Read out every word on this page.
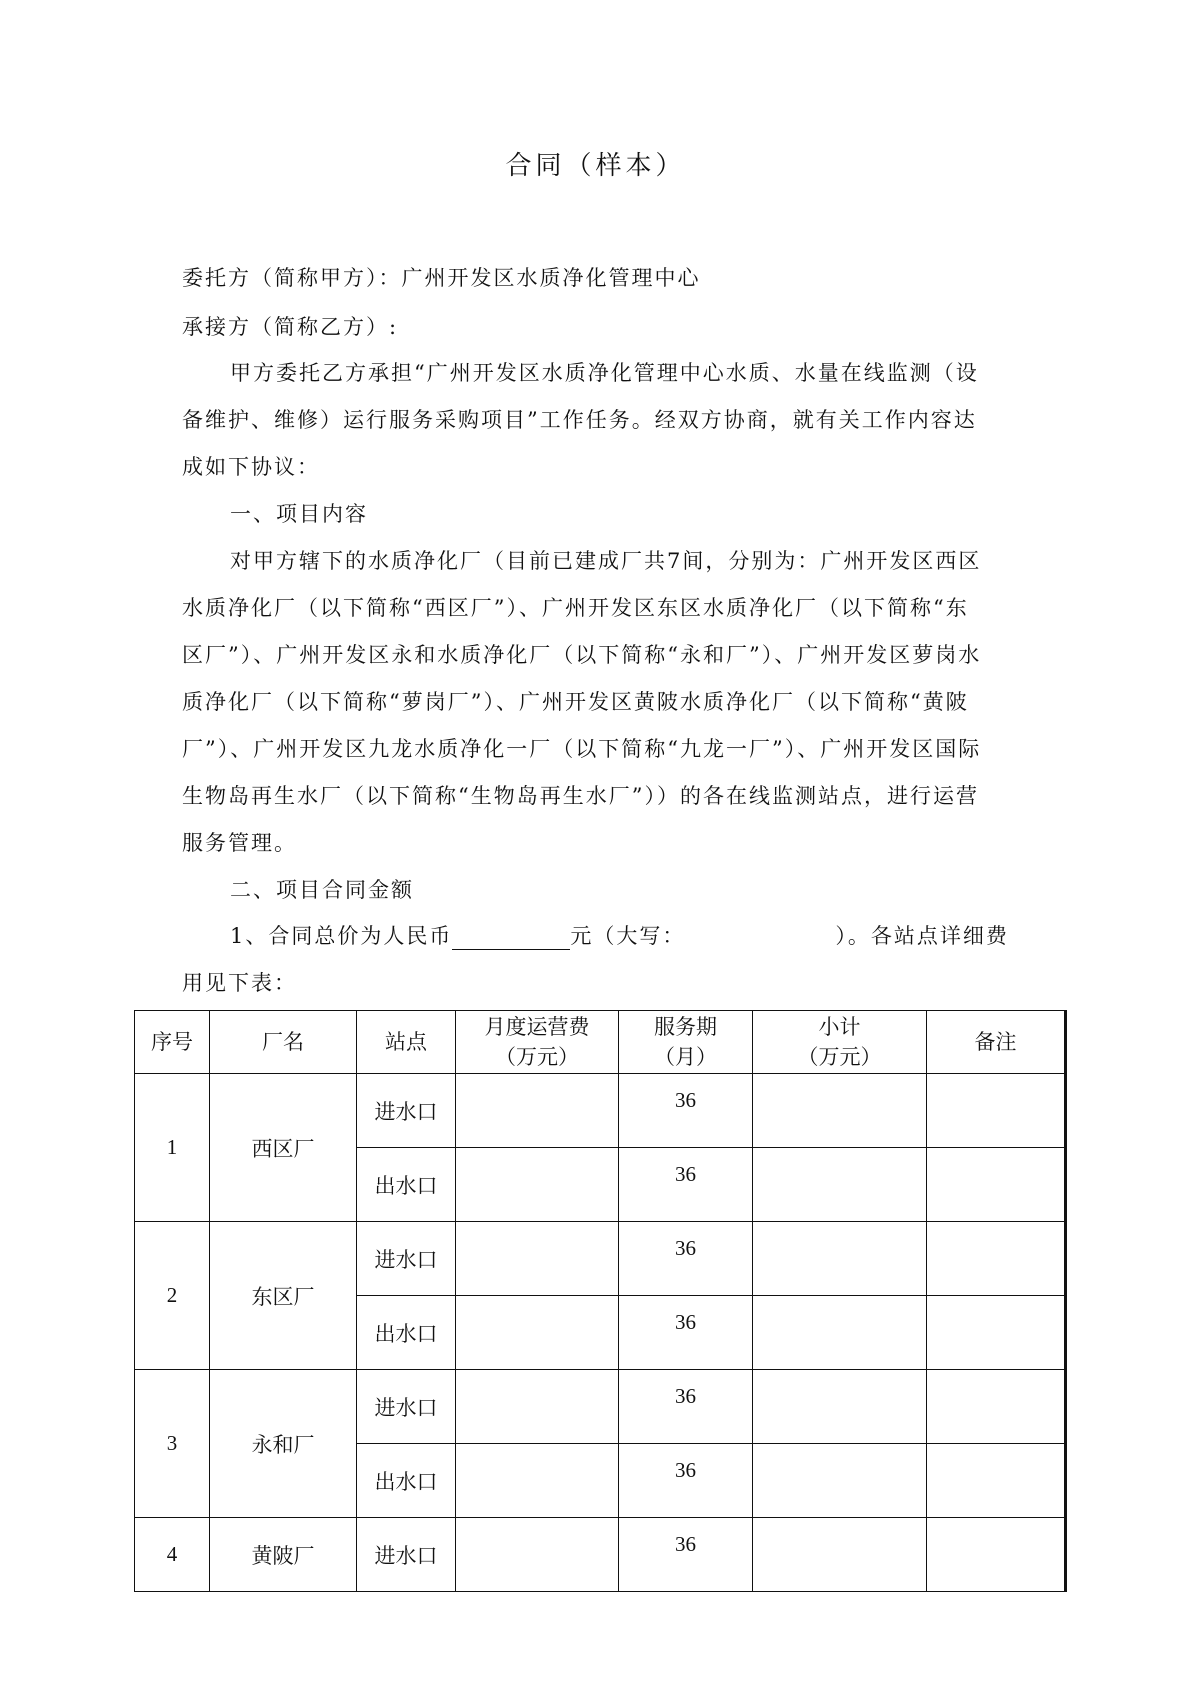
合同（样本）
委托方（简称甲方）：广州开发区水质净化管理中心
承接方（简称乙方）:
甲方委托乙方承担“广州开发区水质净化管理中心水质、水量在线监测（设
备维护、维修）运行服务采购项目”工作任务。经双方协商，就有关工作内容达
成如下协议：
一、项目内容
对甲方辖下的水质净化厂（目前已建成厂共7间，分别为：广州开发区西区
水质净化厂（以下简称“西区厂”）、广州开发区东区水质净化厂（以下简称“东
区厂”）、广州开发区永和水质净化厂（以下简称“永和厂”）、广州开发区萝岗水
质净化厂（以下简称“萝岗厂”）、广州开发区黄陂水质净化厂（以下简称“黄陂
厂”）、广州开发区九龙水质净化一厂（以下简称“九龙一厂”）、广州开发区国际
生物岛再生水厂（以下简称“生物岛再生水厂”））的各在线监测站点，进行运营
服务管理。
二、项目合同金额
1、合同总价为人民币	元（大写：	）。各站点详细费
用见下表：
序号	厂名	站点	月度运营费
（万元）	服务期
（月）	小计
（万元）	备注
1	西区厂	进水口		36		
		出水口		36		
2	东区厂	进水口		36		
		出水口		36		
3	永和厂	进水口		36		
		出水口		36		
4	黄陂厂	进水口		36		
